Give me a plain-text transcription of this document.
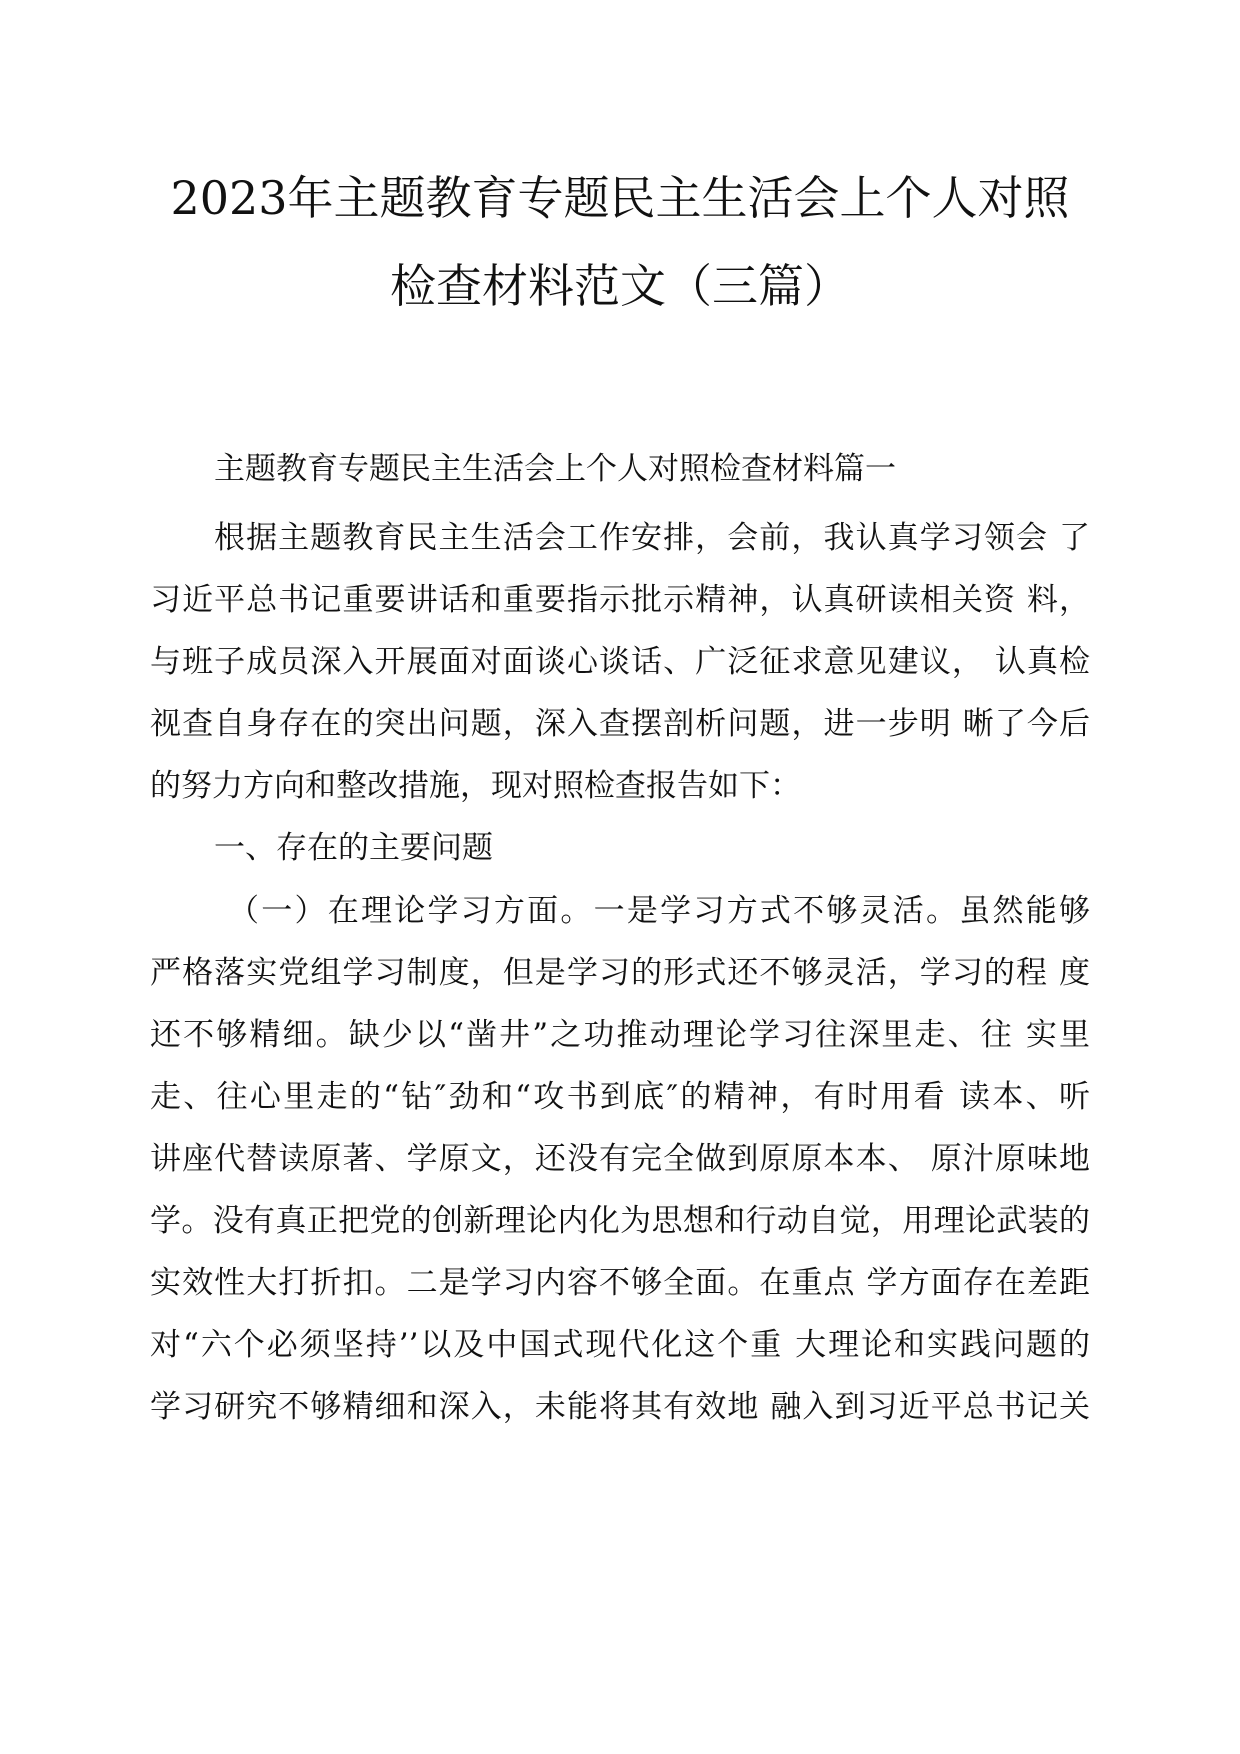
2023年主题教育专题民主生活会上个人对照
检查材料范文（三篇）
主题教育专题民主生活会上个人对照检查材料篇一
根据主题教育民主生活会工作安排，会前，我认真学习领会 了
习近平总书记重要讲话和重要指示批示精神，认真研读相关资 料，
与班子成员深入开展面对面谈心谈话、广泛征求意见建议， 认真检
视查自身存在的突出问题，深入查摆剖析问题，进一步明 晰了今后
的努力方向和整改措施，现对照检查报告如下：
一、存在的主要问题
（一）在理论学习方面。一是学习方式不够灵活。虽然能够
严格落实党组学习制度，但是学习的形式还不够灵活，学习的程 度
还不够精细。缺少以“凿井”之功推动理论学习往深里走、往 实里
走、往心里走的“钻″劲和“攻书到底″的精神，有时用看 读本、听
讲座代替读原著、学原文，还没有完全做到原原本本、 原汁原味地
学。没有真正把党的创新理论内化为思想和行动自觉，用理论武装的
实效性大打折扣。二是学习内容不够全面。在重点 学方面存在差距
对“六个必须坚持’’以及中国式现代化这个重 大理论和实践问题的
学习研究不够精细和深入，未能将其有效地 融入到习近平总书记关
